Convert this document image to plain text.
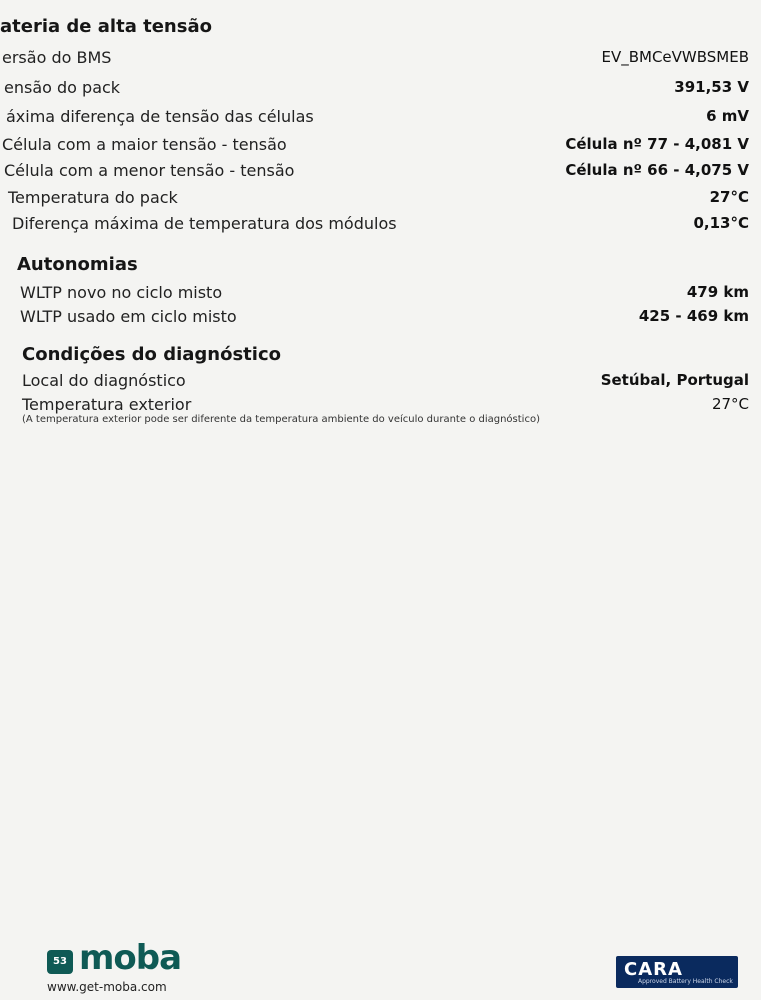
ateria de alta tensão
ersão do BMS	EV_BMCeVWBSMEB
ensão do pack	391,53 V
áxima diferença de tensão das células	6 mV
Célula com a maior tensão - tensão	Célula nº 77 - 4,081 V
Célula com a menor tensão - tensão	Célula nº 66 - 4,075 V
Temperatura do pack	27°C
Diferença máxima de temperatura dos módulos	0,13°C
Autonomias
WLTP novo no ciclo misto	479 km
WLTP usado em ciclo misto	425 - 469 km
Condições do diagnóstico
Local do diagnóstico	Setúbal, Portugal
Temperatura exterior	27°C
(A temperatura exterior pode ser diferente da temperatura ambiente do veículo durante o diagnóstico)
53 moba
www.get-moba.com
CARA
Approved Battery Health Check
